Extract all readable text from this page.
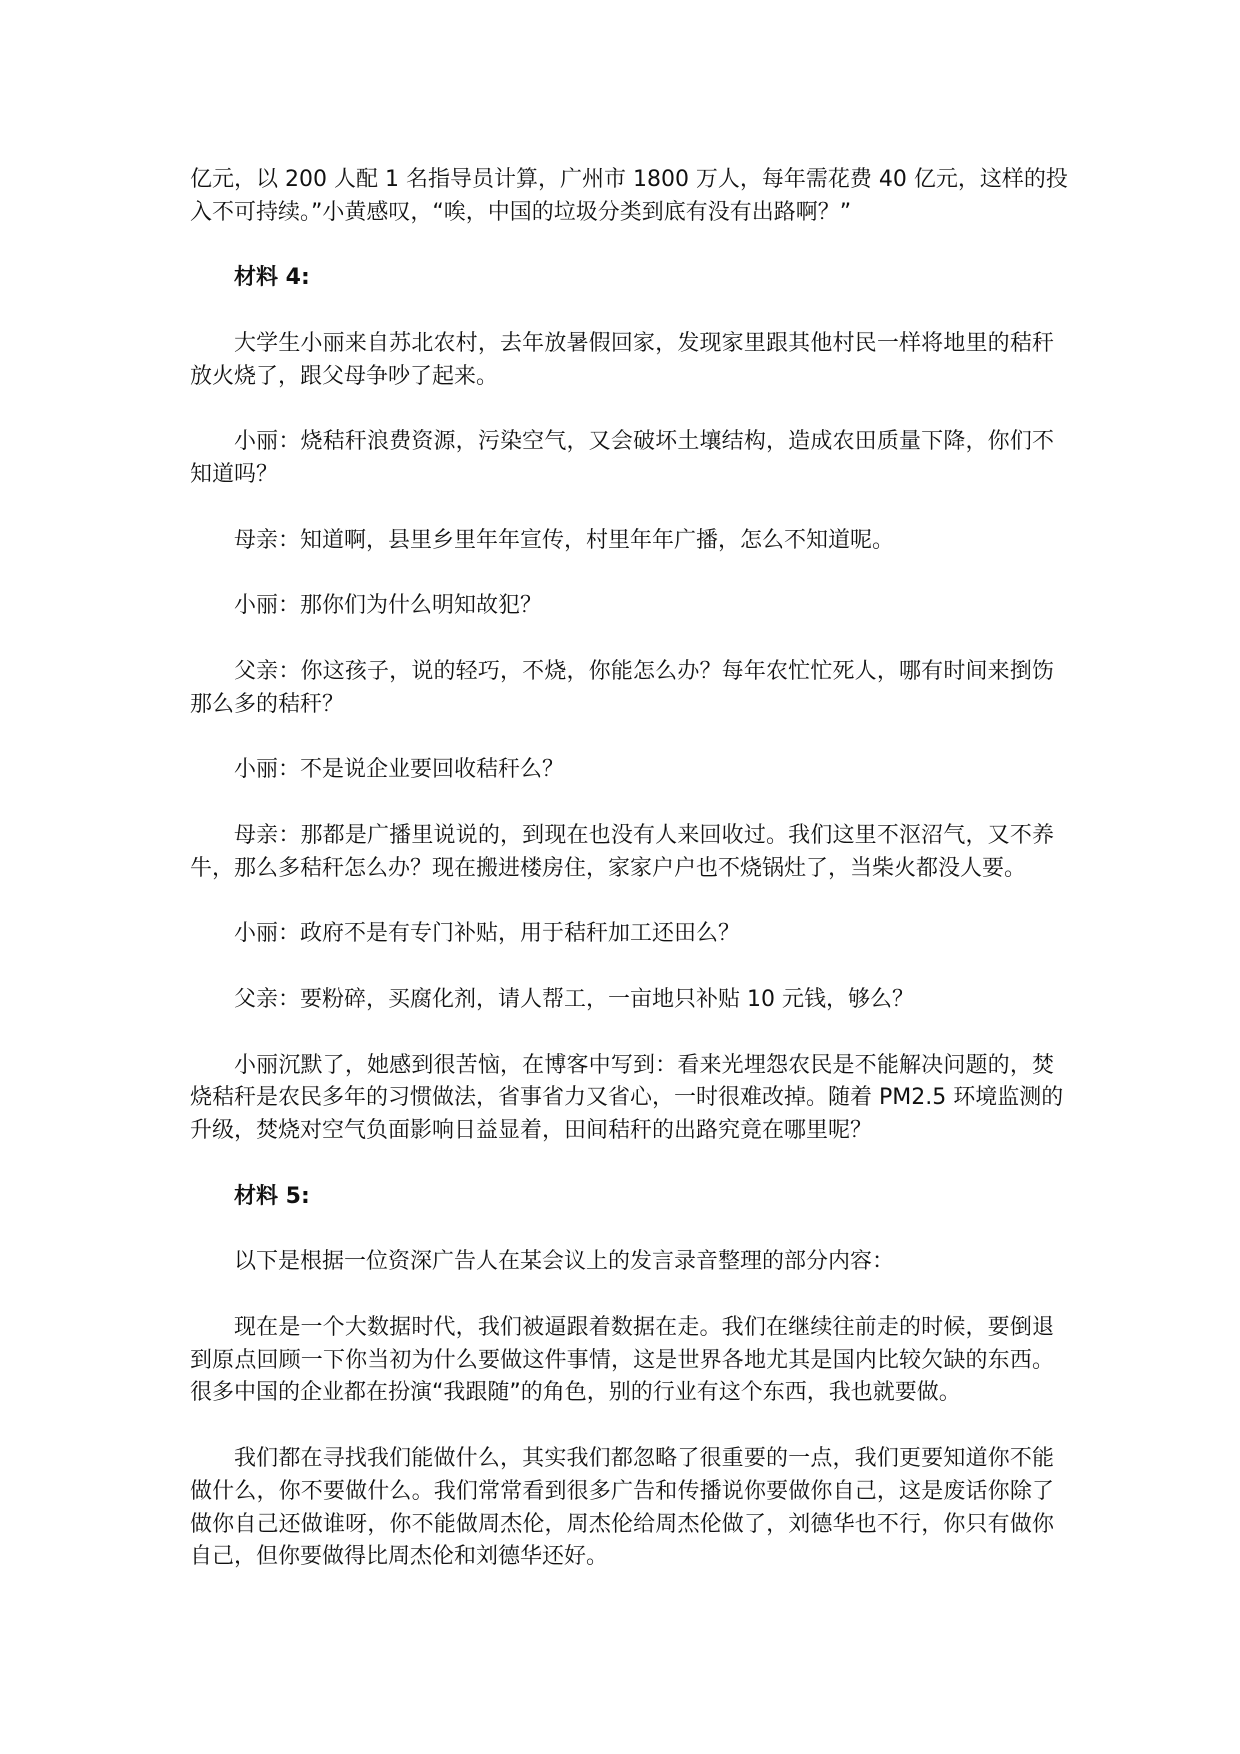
亿元，以 200 人配 1 名指导员计算，广州市 1800 万人，每年需花费 40 亿元，这样的投
入不可持续。”小黄感叹，“唉，中国的垃圾分类到底有没有出路啊？”
材料 4:
大学生小丽来自苏北农村，去年放暑假回家，发现家里跟其他村民一样将地里的秸秆
放火烧了，跟父母争吵了起来。
小丽：烧秸秆浪费资源，污染空气，又会破坏土壤结构，造成农田质量下降，你们不
知道吗？
母亲：知道啊，县里乡里年年宣传，村里年年广播，怎么不知道呢。
小丽：那你们为什么明知故犯？
父亲：你这孩子，说的轻巧，不烧，你能怎么办？每年农忙忙死人，哪有时间来捯饬
那么多的秸秆？
小丽：不是说企业要回收秸秆么？
母亲：那都是广播里说说的，到现在也没有人来回收过。我们这里不沤沼气，又不养
牛，那么多秸秆怎么办？现在搬进楼房住，家家户户也不烧锅灶了，当柴火都没人要。
小丽：政府不是有专门补贴，用于秸秆加工还田么？
父亲：要粉碎，买腐化剂，请人帮工，一亩地只补贴 10 元钱，够么？
小丽沉默了，她感到很苦恼，在博客中写到：看来光埋怨农民是不能解决问题的，焚
烧秸秆是农民多年的习惯做法，省事省力又省心，一时很难改掉。随着 PM2.5 环境监测的
升级，焚烧对空气负面影响日益显着，田间秸秆的出路究竟在哪里呢？
材料 5:
以下是根据一位资深广告人在某会议上的发言录音整理的部分内容：
现在是一个大数据时代，我们被逼跟着数据在走。我们在继续往前走的时候，要倒退
到原点回顾一下你当初为什么要做这件事情，这是世界各地尤其是国内比较欠缺的东西。
很多中国的企业都在扮演“我跟随”的角色，别的行业有这个东西，我也就要做。
我们都在寻找我们能做什么，其实我们都忽略了很重要的一点，我们更要知道你不能
做什么，你不要做什么。我们常常看到很多广告和传播说你要做你自己，这是废话你除了
做你自己还做谁呀，你不能做周杰伦，周杰伦给周杰伦做了，刘德华也不行，你只有做你
自己，但你要做得比周杰伦和刘德华还好。
